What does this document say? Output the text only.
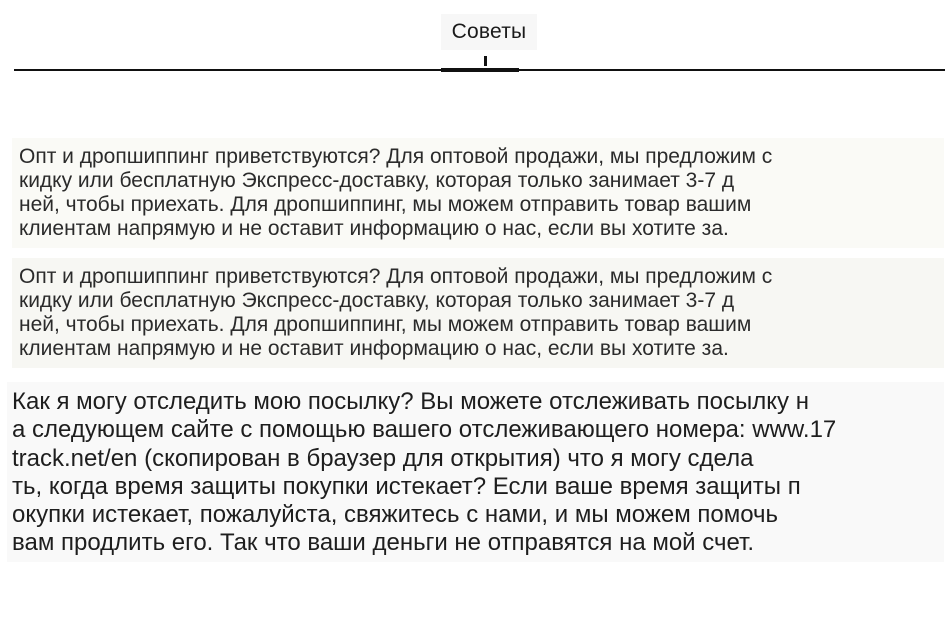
Советы

Опт и дропшиппинг приветствуются? Для оптовой продажи, мы предложим с
кидку или бесплатную Экспресс-доставку, которая только занимает 3-7 д
ней, чтобы приехать. Для дропшиппинг, мы можем отправить товар вашим
клиентам напрямую и не оставит информацию о нас, если вы хотите за.

Опт и дропшиппинг приветствуются? Для оптовой продажи, мы предложим с
кидку или бесплатную Экспресс-доставку, которая только занимает 3-7 д
ней, чтобы приехать. Для дропшиппинг, мы можем отправить товар вашим
клиентам напрямую и не оставит информацию о нас, если вы хотите за.

Как я могу отследить мою посылку? Вы можете отслеживать посылку н
а следующем сайте с помощью вашего отслеживающего номера: www.17
track.net/en (скопирован в браузер для открытия) что я могу сдела
ть, когда время защиты покупки истекает? Если ваше время защиты п
окупки истекает, пожалуйста, свяжитесь с нами, и мы можем помочь
вам продлить его. Так что ваши деньги не отправятся на мой счет.
